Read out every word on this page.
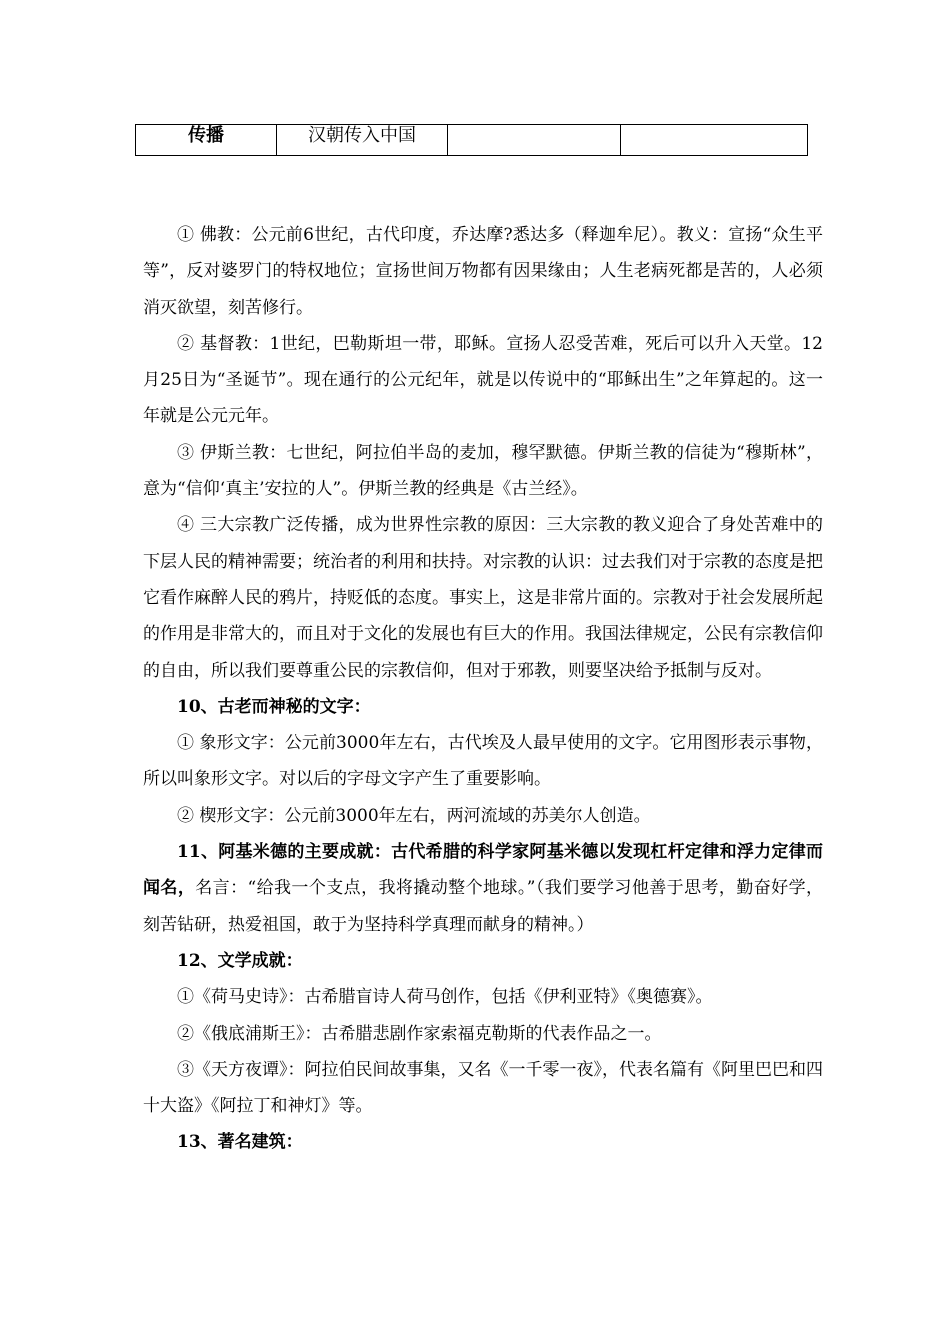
传播	汉朝传入中国		

① 佛教：公元前6世纪，古代印度，乔达摩?悉达多（释迦牟尼）。教义：宣扬“众生平等”，反对婆罗门的特权地位；宣扬世间万物都有因果缘由；人生老病死都是苦的，人必须消灭欲望，刻苦修行。

② 基督教：1世纪，巴勒斯坦一带，耶稣。宣扬人忍受苦难，死后可以升入天堂。12月25日为“圣诞节”。现在通行的公元纪年，就是以传说中的“耶稣出生”之年算起的。这一年就是公元元年。

③ 伊斯兰教：七世纪，阿拉伯半岛的麦加，穆罕默德。伊斯兰教的信徒为“穆斯林”，意为“信仰‘真主’安拉的人”。伊斯兰教的经典是《古兰经》。

④ 三大宗教广泛传播，成为世界性宗教的原因：三大宗教的教义迎合了身处苦难中的下层人民的精神需要；统治者的利用和扶持。对宗教的认识：过去我们对于宗教的态度是把它看作麻醉人民的鸦片，持贬低的态度。事实上，这是非常片面的。宗教对于社会发展所起的作用是非常大的，而且对于文化的发展也有巨大的作用。我国法律规定，公民有宗教信仰的自由，所以我们要尊重公民的宗教信仰，但对于邪教，则要坚决给予抵制与反对。

10、古老而神秘的文字：

① 象形文字：公元前3000年左右，古代埃及人最早使用的文字。它用图形表示事物，所以叫象形文字。对以后的字母文字产生了重要影响。

② 楔形文字：公元前3000年左右，两河流域的苏美尔人创造。

11、阿基米德的主要成就：古代希腊的科学家阿基米德以发现杠杆定律和浮力定律而闻名，名言：“给我一个支点，我将撬动整个地球。”（我们要学习他善于思考，勤奋好学，刻苦钻研，热爱祖国，敢于为坚持科学真理而献身的精神。）

12、文学成就：

①《荷马史诗》：古希腊盲诗人荷马创作，包括《伊利亚特》《奥德赛》。

②《俄底浦斯王》：古希腊悲剧作家索福克勒斯的代表作品之一。

③《天方夜谭》：阿拉伯民间故事集，又名《一千零一夜》，代表名篇有《阿里巴巴和四十大盗》《阿拉丁和神灯》等。

13、著名建筑：
